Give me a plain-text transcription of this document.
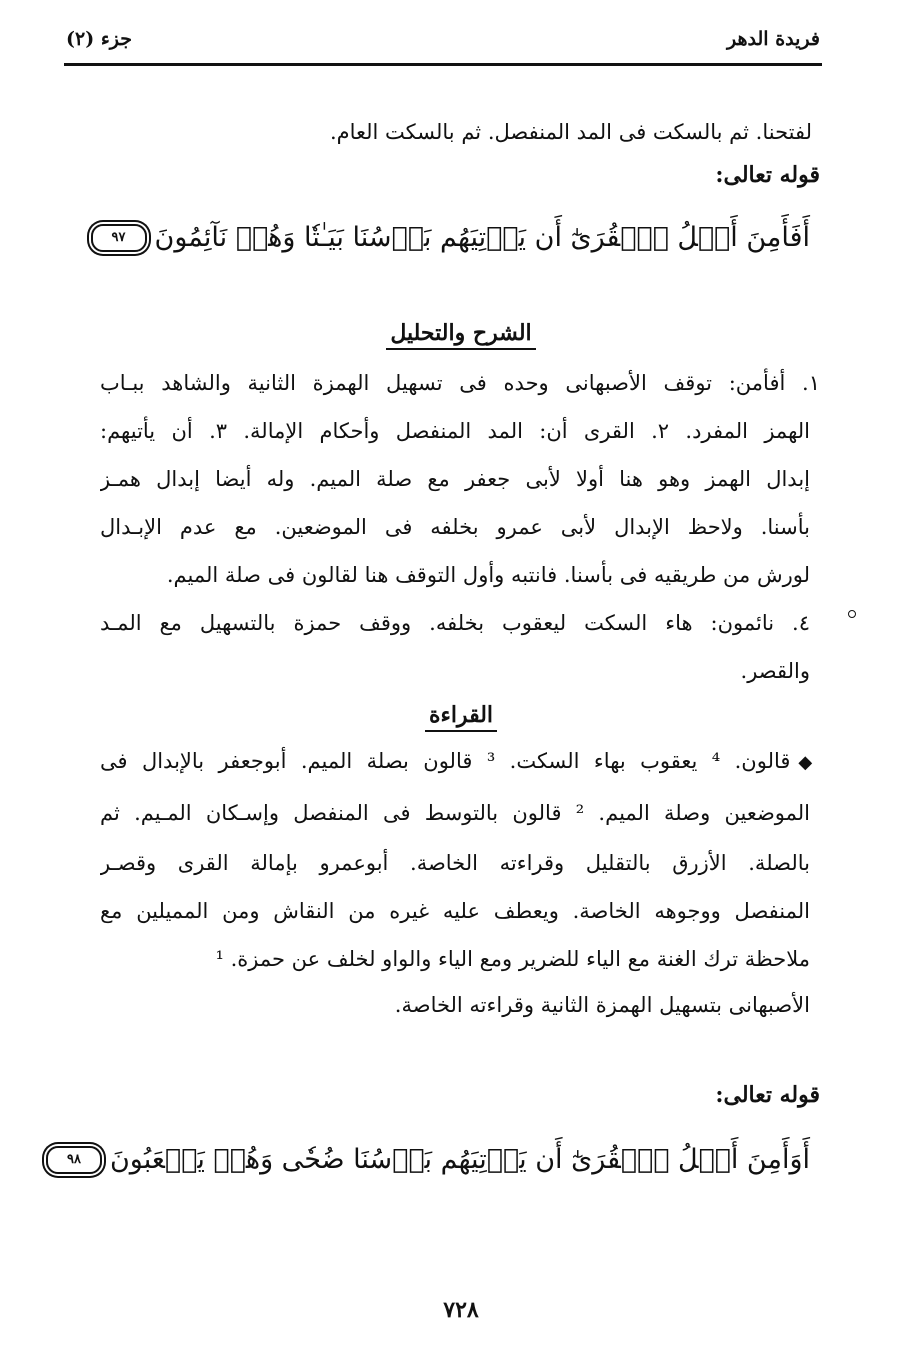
فريدة الدهر
جزء (٢)
لفتحنا. ثم بالسكت فى المد المنفصل. ثم بالسكت العام.
قوله تعالى:
أَفَأَمِنَ أَهۡلُ ٱلۡقُرَىٰٓ أَن يَأۡتِيَهُم بَأۡسُنَا بَيَـٰتٗا وَهُمۡ نَآئِمُونَ
٩٧
الشرح والتحليل
١. أفأمن: توقف الأصبهانى وحده فى تسهيل الهمزة الثانية والشاهد ببـاب
الهمز المفرد. ٢. القرى أن: المد المنفصل وأحكام الإمالة. ٣. أن يأتيهم:
إبدال الهمز وهو هنا أولا لأبى جعفر مع صلة الميم. وله أيضا إبدال همـز
بأسنا. ولاحظ الإبدال لأبى عمرو بخلفه فى الموضعين. مع عدم الإبـدال
لورش من طريقيه فى بأسنا. فانتبه وأول التوقف هنا لقالون فى صلة الميم.
٤. نائمون: هاء السكت ليعقوب بخلفه. ووقف حمزة بالتسهيل مع المـد
والقصر.
القراءة
◆قالون. ⁴ يعقوب بهاء السكت. ³ قالون بصلة الميم. أبوجعفر بالإبدال فى
الموضعين وصلة الميم. ² قالون بالتوسط فى المنفصل وإسـكان المـيم. ثم
بالصلة. الأزرق بالتقليل وقراءته الخاصة. أبوعمرو بإمالة القرى وقصـر
المنفصل ووجوهه الخاصة. ويعطف عليه غيره من النقاش ومن المميلين مع
ملاحظة ترك الغنة مع الياء للضرير ومع الياء والواو لخلف عن حمزة. ¹
الأصبهانى بتسهيل الهمزة الثانية وقراءته الخاصة.
قوله تعالى:
أَوَأَمِنَ أَهۡلُ ٱلۡقُرَىٰٓ أَن يَأۡتِيَهُم بَأۡسُنَا ضُحٗى وَهُمۡ يَلۡعَبُونَ
٩٨
٧٢٨
